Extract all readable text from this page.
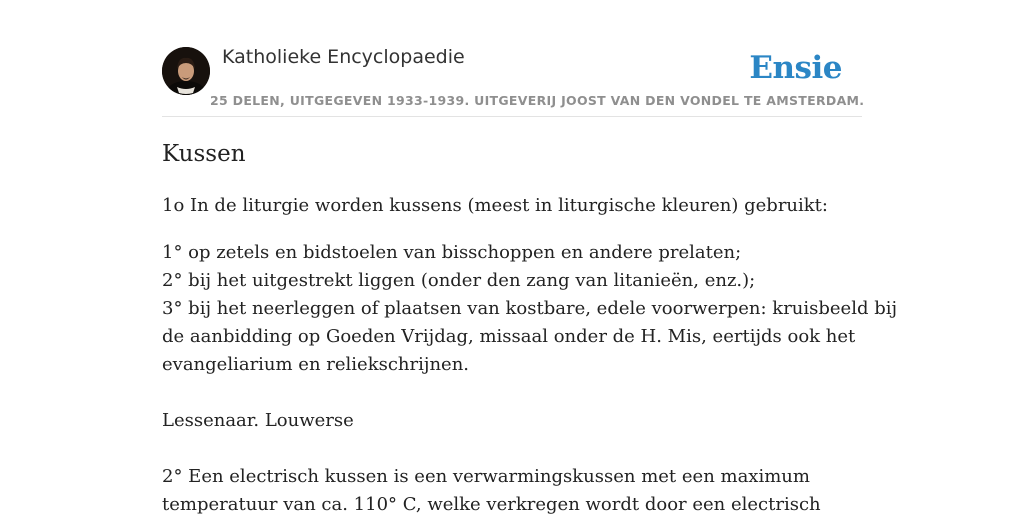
Katholieke Encyclopaedie	Ensie
25 DELEN, UITGEGEVEN 1933-1939. UITGEVERIJ JOOST VAN DEN VONDEL TE AMSTERDAM.
Kussen

1o In de liturgie worden kussens (meest in liturgische kleuren) gebruikt:

1° op zetels en bidstoelen van bisschoppen en andere prelaten;
2° bij het uitgestrekt liggen (onder den zang van litanieën, enz.);
3° bij het neerleggen of plaatsen van kostbare, edele voorwerpen: kruisbeeld bij
de aanbidding op Goeden Vrijdag, missaal onder de H. Mis, eertijds ook het
evangeliarium en reliekschrijnen.

Lessenaar. Louwerse

2° Een electrisch kussen is een verwarmingskussen met een maximum
temperatuur van ca. 110° C, welke verkregen wordt door een electrisch
